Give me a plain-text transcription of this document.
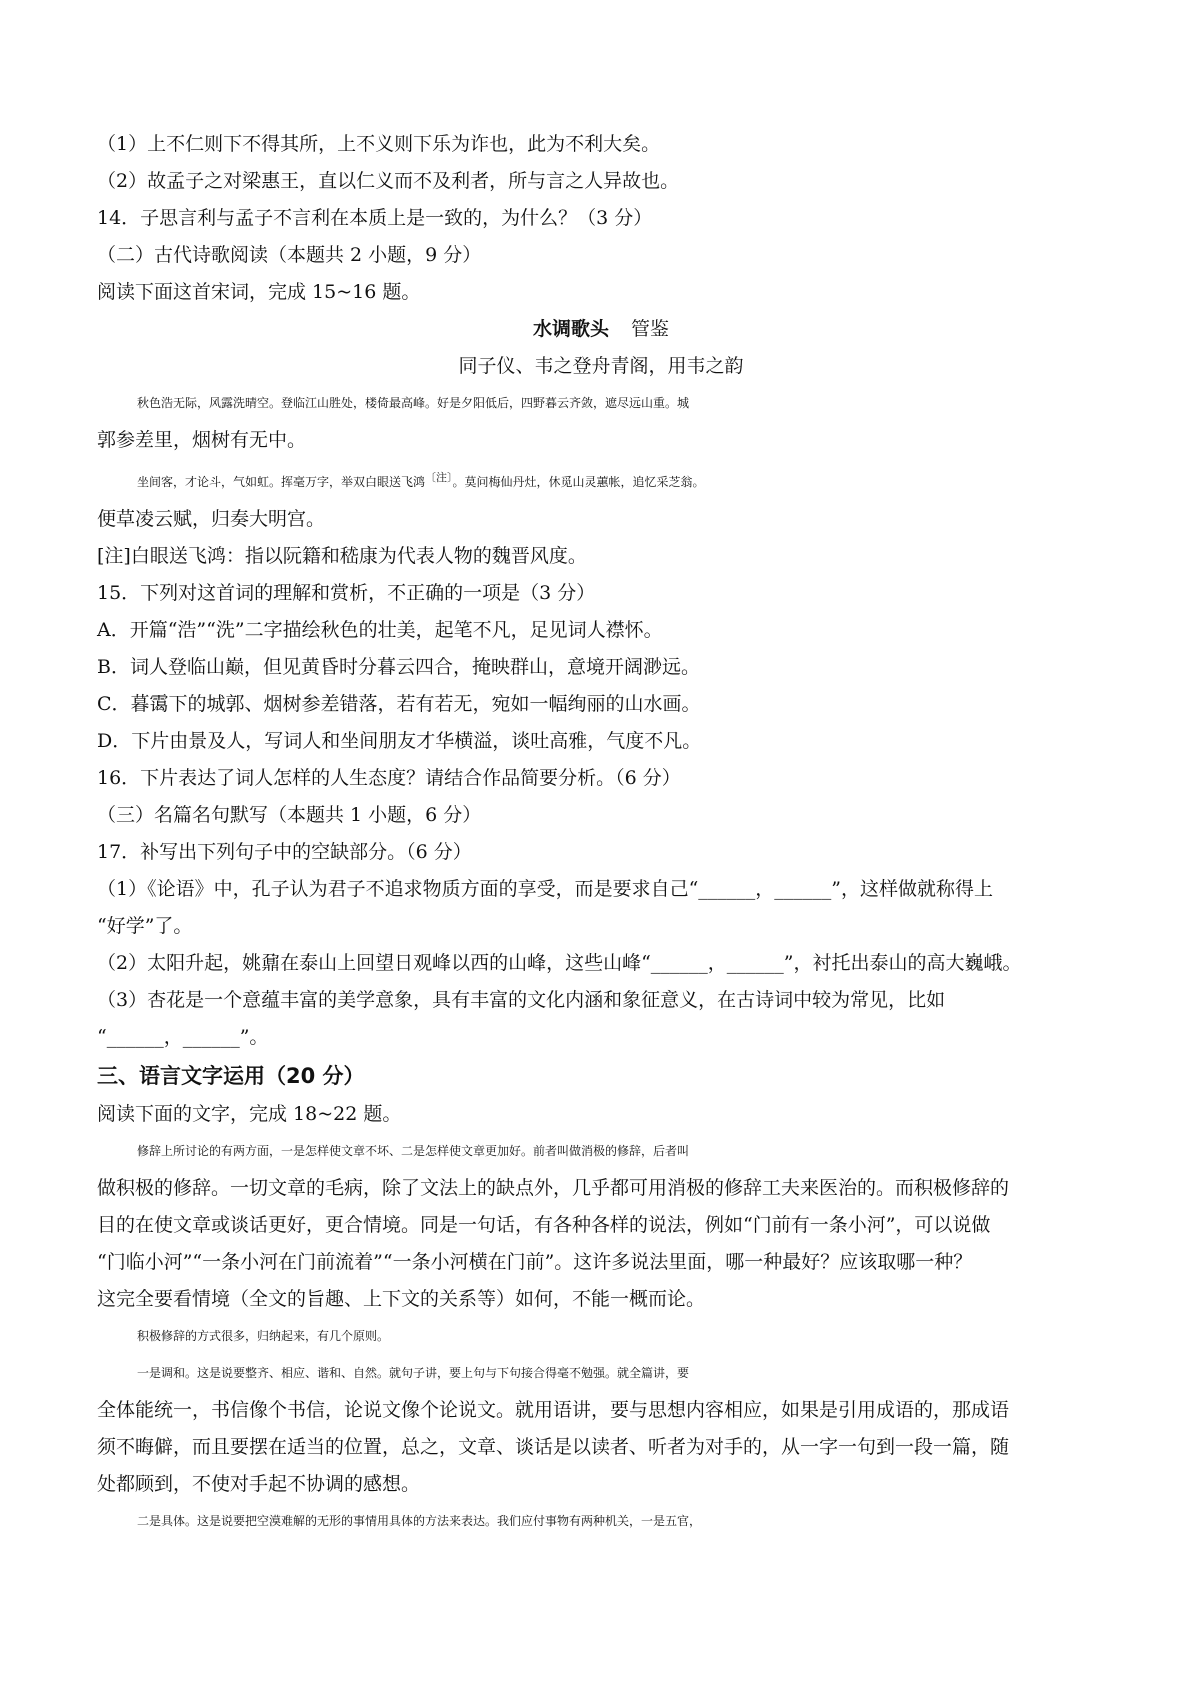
（1）上不仁则下不得其所，上不义则下乐为诈也，此为不利大矣。

（2）故孟子之对梁惠王，直以仁义而不及利者，所与言之人异故也。

14．子思言利与孟子不言利在本质上是一致的，为什么？（3 分）

（二）古代诗歌阅读（本题共 2 小题，9 分）

阅读下面这首宋词，完成 15~16 题。

水调歌头 管鉴

同子仪、韦之登舟青阁，用韦之韵

秋色浩无际，风露洗晴空。登临江山胜处，楼倚最高峰。好是夕阳低后，四野暮云齐敛，遮尽远山重。城

郭参差里，烟树有无中。

坐间客，才论斗，气如虹。挥毫万字，举双白眼送飞鸿$^{〔注〕}$。莫问梅仙丹灶，休觅山灵蕙帐，追忆采芝翁。

便草凌云赋，归奏大明宫。

[注]白眼送飞鸿：指以阮籍和嵇康为代表人物的魏晋风度。

15．下列对这首词的理解和赏析，不正确的一项是（3 分）

A．开篇“浩”“洗”二字描绘秋色的壮美，起笔不凡，足见词人襟怀。

B．词人登临山巅，但见黄昏时分暮云四合，掩映群山，意境开阔渺远。

C．暮霭下的城郭、烟树参差错落，若有若无，宛如一幅绚丽的山水画。

D．下片由景及人，写词人和坐间朋友才华横溢，谈吐高雅，气度不凡。

16．下片表达了词人怎样的人生态度？请结合作品简要分析。（6 分）

（三）名篇名句默写（本题共 1 小题，6 分）

17．补写出下列句子中的空缺部分。（6 分）

（1）《论语》中，孔子认为君子不追求物质方面的享受，而是要求自己“______，______”，这样做就称得上

“好学”了。

（2）太阳升起，姚鼐在泰山上回望日观峰以西的山峰，这些山峰“______，______”，衬托出泰山的高大巍峨。

（3）杏花是一个意蕴丰富的美学意象，具有丰富的文化内涵和象征意义，在古诗词中较为常见，比如

“______，______”。

三、语言文字运用（20 分）

阅读下面的文字，完成 18~22 题。

修辞上所讨论的有两方面，一是怎样使文章不坏、二是怎样使文章更加好。前者叫做消极的修辞，后者叫

做积极的修辞。一切文章的毛病，除了文法上的缺点外，几乎都可用消极的修辞工夫来医治的。而积极修辞的

目的在使文章或谈话更好，更合情境。同是一句话，有各种各样的说法，例如“门前有一条小河”，可以说做

“门临小河”“一条小河在门前流着”“一条小河横在门前”。这许多说法里面，哪一种最好？应该取哪一种？

这完全要看情境（全文的旨趣、上下文的关系等）如何，不能一概而论。

积极修辞的方式很多，归纳起来，有几个原则。

一是调和。这是说要整齐、相应、谐和、自然。就句子讲，要上句与下句接合得毫不勉强。就全篇讲，要

全体能统一，书信像个书信，论说文像个论说文。就用语讲，要与思想内容相应，如果是引用成语的，那成语

须不晦僻，而且要摆在适当的位置，总之，文章、谈话是以读者、听者为对手的，从一字一句到一段一篇，随

处都顾到，不使对手起不协调的感想。

二是具体。这是说要把空漠难解的无形的事情用具体的方法来表达。我们应付事物有两种机关，一是五官，
